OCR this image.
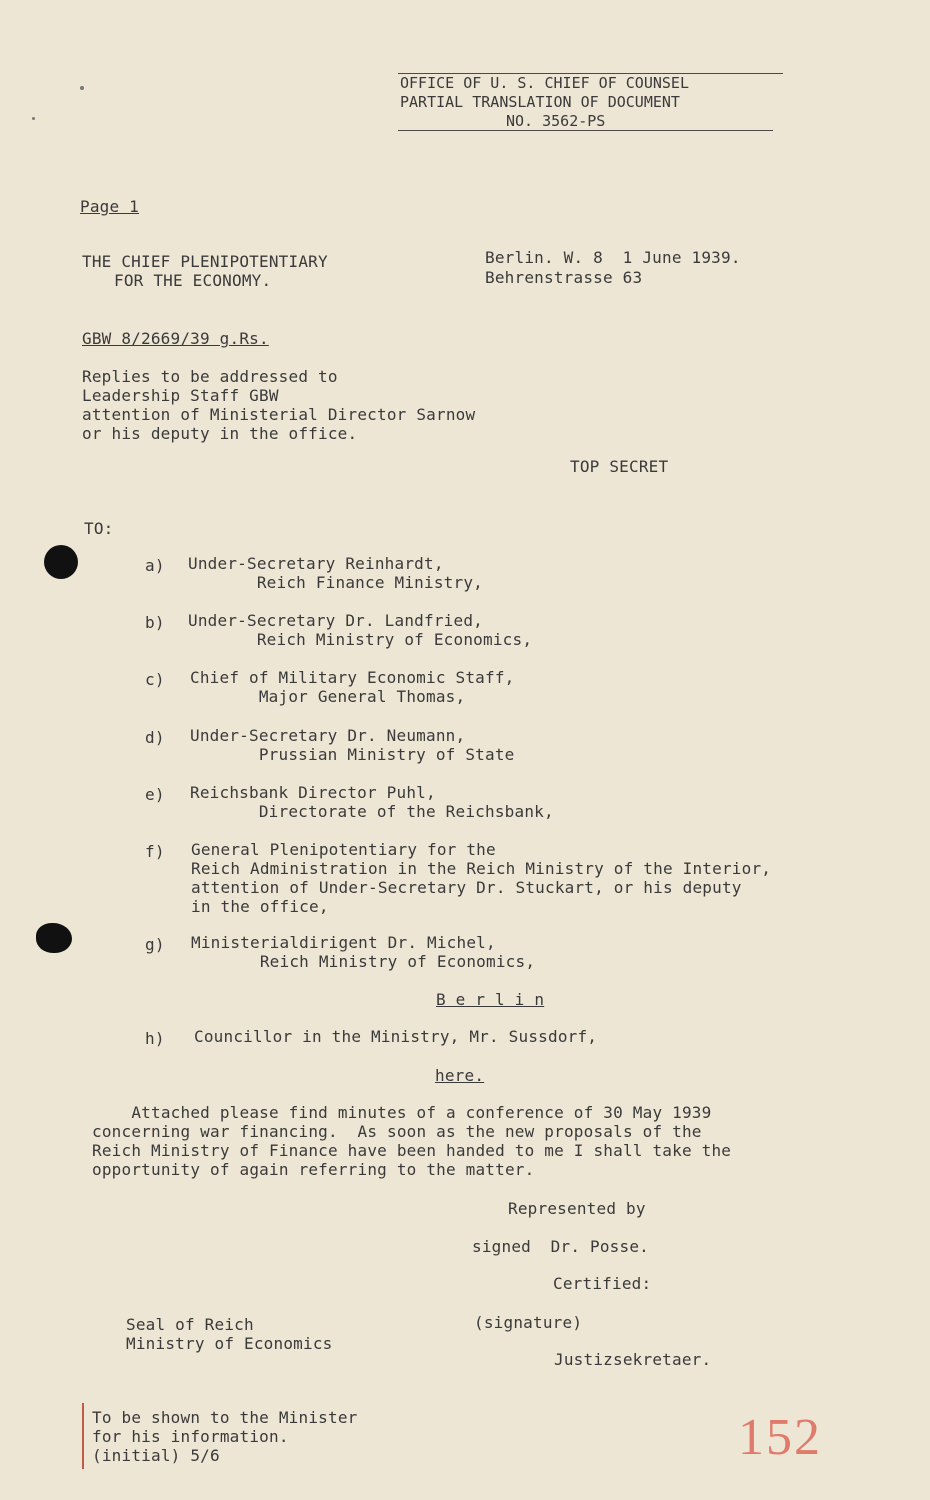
OFFICE OF U. S. CHIEF OF COUNSEL
PARTIAL TRANSLATION OF DOCUMENT
NO. 3562-PS
Page 1
THE CHIEF PLENIPOTENTIARY
FOR THE ECONOMY.
Berlin. W. 8  1 June 1939.
Behrenstrasse 63
GBW 8/2669/39 g.Rs.
Replies to be addressed to
Leadership Staff GBW
attention of Ministerial Director Sarnow
or his deputy in the office.
TOP SECRET
TO:
a) Under-Secretary Reinhardt,
Reich Finance Ministry,
b) Under-Secretary Dr. Landfried,
Reich Ministry of Economics,
c) Chief of Military Economic Staff,
Major General Thomas,
d) Under-Secretary Dr. Neumann,
Prussian Ministry of State
e) Reichsbank Director Puhl,
Directorate of the Reichsbank,
f) General Plenipotentiary for the
Reich Administration in the Reich Ministry of the Interior,
attention of Under-Secretary Dr. Stuckart, or his deputy
in the office,
g) Ministerialdirigent Dr. Michel,
Reich Ministry of Economics,
B e r l i n
h) Councillor in the Ministry, Mr. Sussdorf,
here.
Attached please find minutes of a conference of 30 May 1939
concerning war financing.  As soon as the new proposals of the
Reich Ministry of Finance have been handed to me I shall take the
opportunity of again referring to the matter.
Represented by
signed  Dr. Posse.
Certified:
(signature)
Justizsekretaer.
Seal of Reich
Ministry of Economics
To be shown to the Minister
for his information.
(initial) 5/6	152
